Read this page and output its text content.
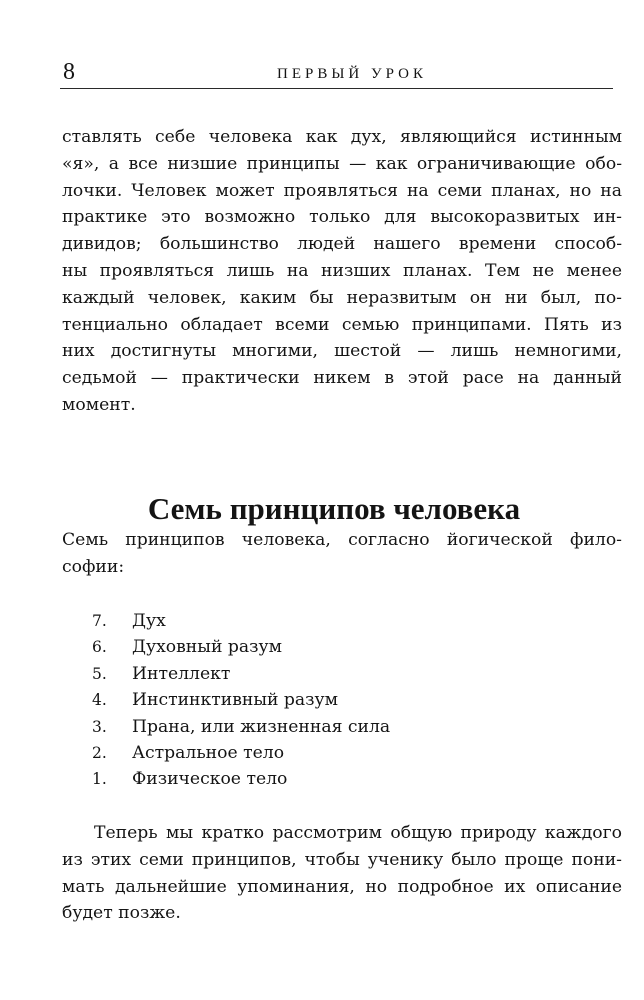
8	ПЕРВЫЙ УРОК

ставлять себе человека как дух, являющийся истинным
«я», а все низшие принципы — как ограничивающие обо-
лочки. Человек может проявляться на семи планах, но на
практике это возможно только для высокоразвитых ин-
дивидов; большинство людей нашего времени способ-
ны проявляться лишь на низших планах. Тем не менее
каждый человек, каким бы неразвитым он ни был, по-
тенциально обладает всеми семью принципами. Пять из
них достигнуты многими, шестой — лишь немногими,
седьмой — практически никем в этой расе на данный
момент.

Семь принципов человека

Семь принципов человека, согласно йогической фило-
софии:

7. Дух
6. Духовный разум
5. Интеллект
4. Инстинктивный разум
3. Прана, или жизненная сила
2. Астральное тело
1. Физическое тело

Теперь мы кратко рассмотрим общую природу каждого
из этих семи принципов, чтобы ученику было проще пони-
мать дальнейшие упоминания, но подробное их описание
будет позже.
